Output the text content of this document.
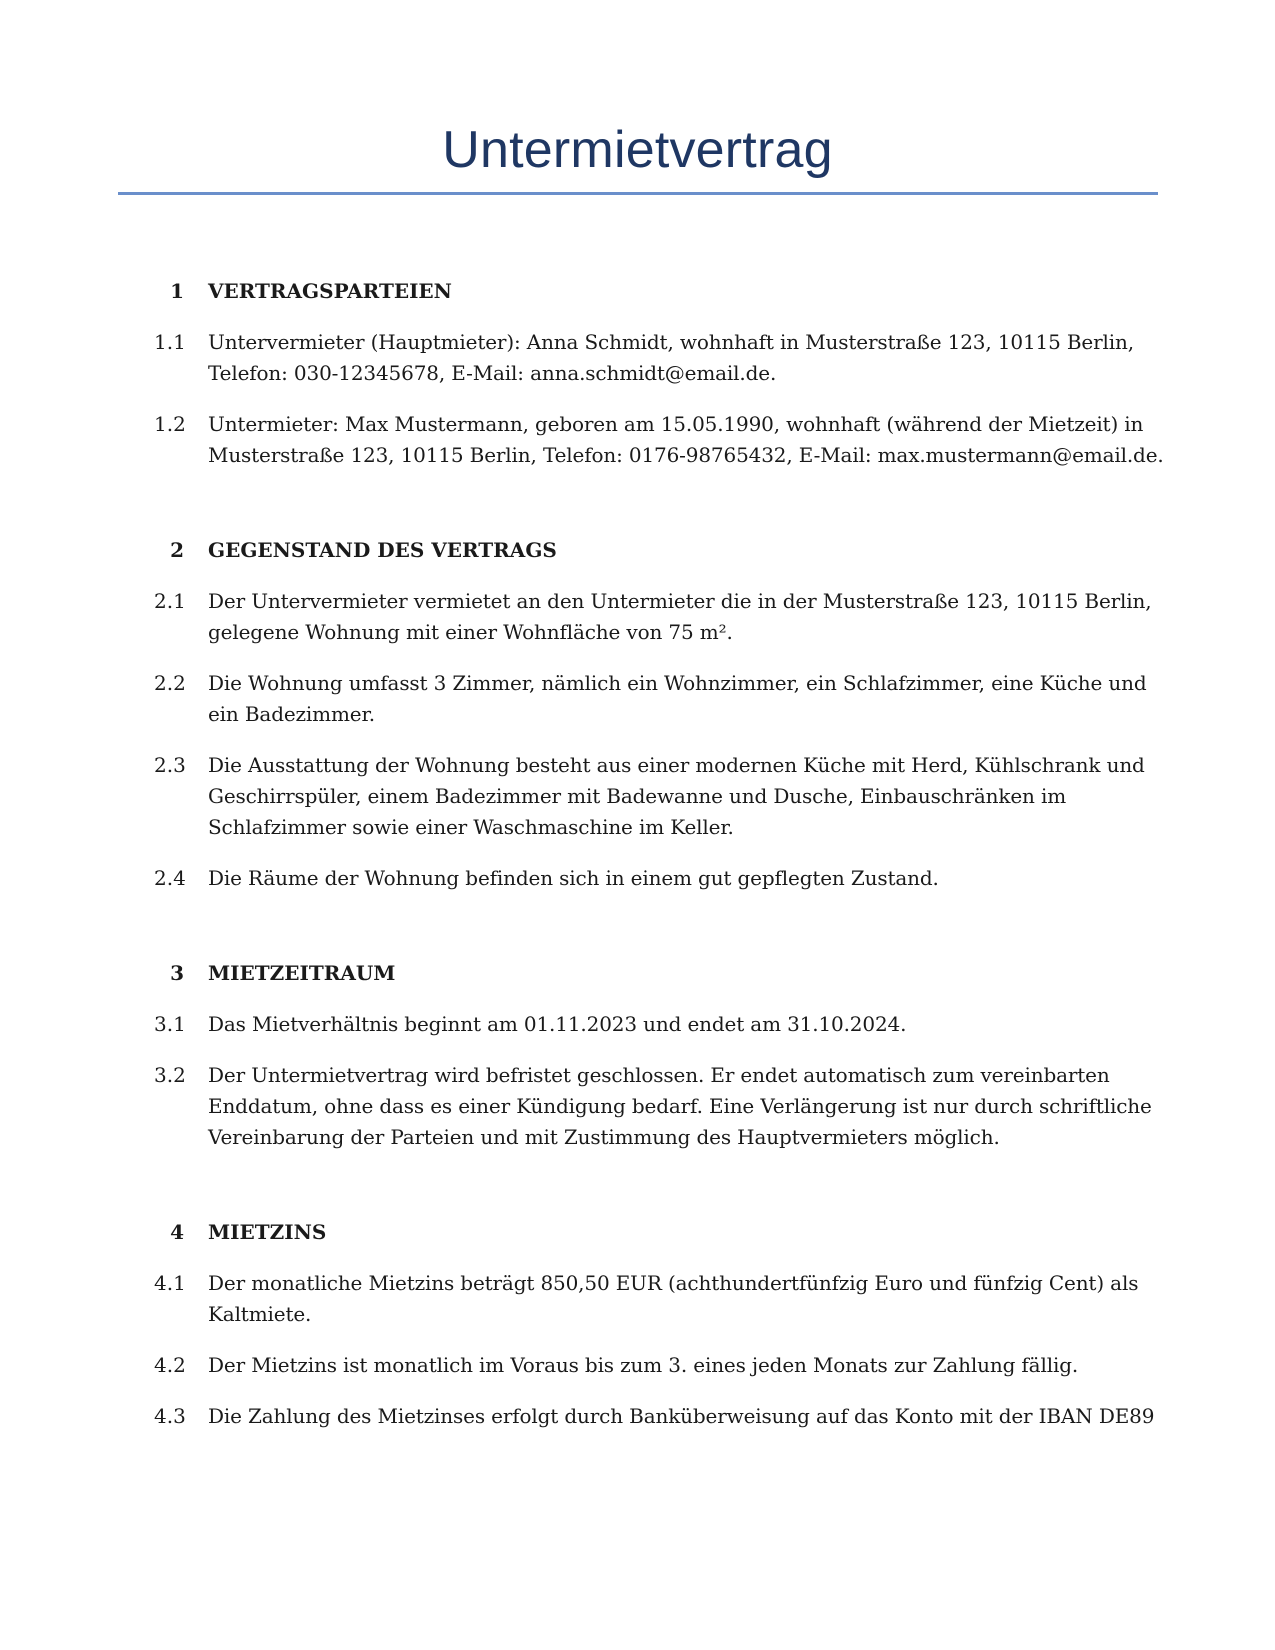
Untermietvertrag
1 VERTRAGSPARTEIEN
1.1	Untervermieter (Hauptmieter): Anna Schmidt, wohnhaft in Musterstraße 123, 10115 Berlin, Telefon: 030-12345678, E-Mail: anna.schmidt@email.de.
1.2	Untermieter: Max Mustermann, geboren am 15.05.1990, wohnhaft (während der Mietzeit) in Musterstraße 123, 10115 Berlin, Telefon: 0176-98765432, E-Mail: max.mustermann@email.de.
2 GEGENSTAND DES VERTRAGS
2.1	Der Untervermieter vermietet an den Untermieter die in der Musterstraße 123, 10115 Berlin, gelegene Wohnung mit einer Wohnfläche von 75 m².
2.2	Die Wohnung umfasst 3 Zimmer, nämlich ein Wohnzimmer, ein Schlafzimmer, eine Küche und ein Badezimmer.
2.3	Die Ausstattung der Wohnung besteht aus einer modernen Küche mit Herd, Kühlschrank und Geschirrspüler, einem Badezimmer mit Badewanne und Dusche, Einbauschränken im Schlafzimmer sowie einer Waschmaschine im Keller.
2.4	Die Räume der Wohnung befinden sich in einem gut gepflegten Zustand.
3 MIETZEITRAUM
3.1	Das Mietverhältnis beginnt am 01.11.2023 und endet am 31.10.2024.
3.2	Der Untermietvertrag wird befristet geschlossen. Er endet automatisch zum vereinbarten Enddatum, ohne dass es einer Kündigung bedarf. Eine Verlängerung ist nur durch schriftliche Vereinbarung der Parteien und mit Zustimmung des Hauptvermieters möglich.
4 MIETZINS
4.1	Der monatliche Mietzins beträgt 850,50 EUR (achthundertfünfzig Euro und fünfzig Cent) als Kaltmiete.
4.2	Der Mietzins ist monatlich im Voraus bis zum 3. eines jeden Monats zur Zahlung fällig.
4.3	Die Zahlung des Mietzinses erfolgt durch Banküberweisung auf das Konto mit der IBAN DE89
